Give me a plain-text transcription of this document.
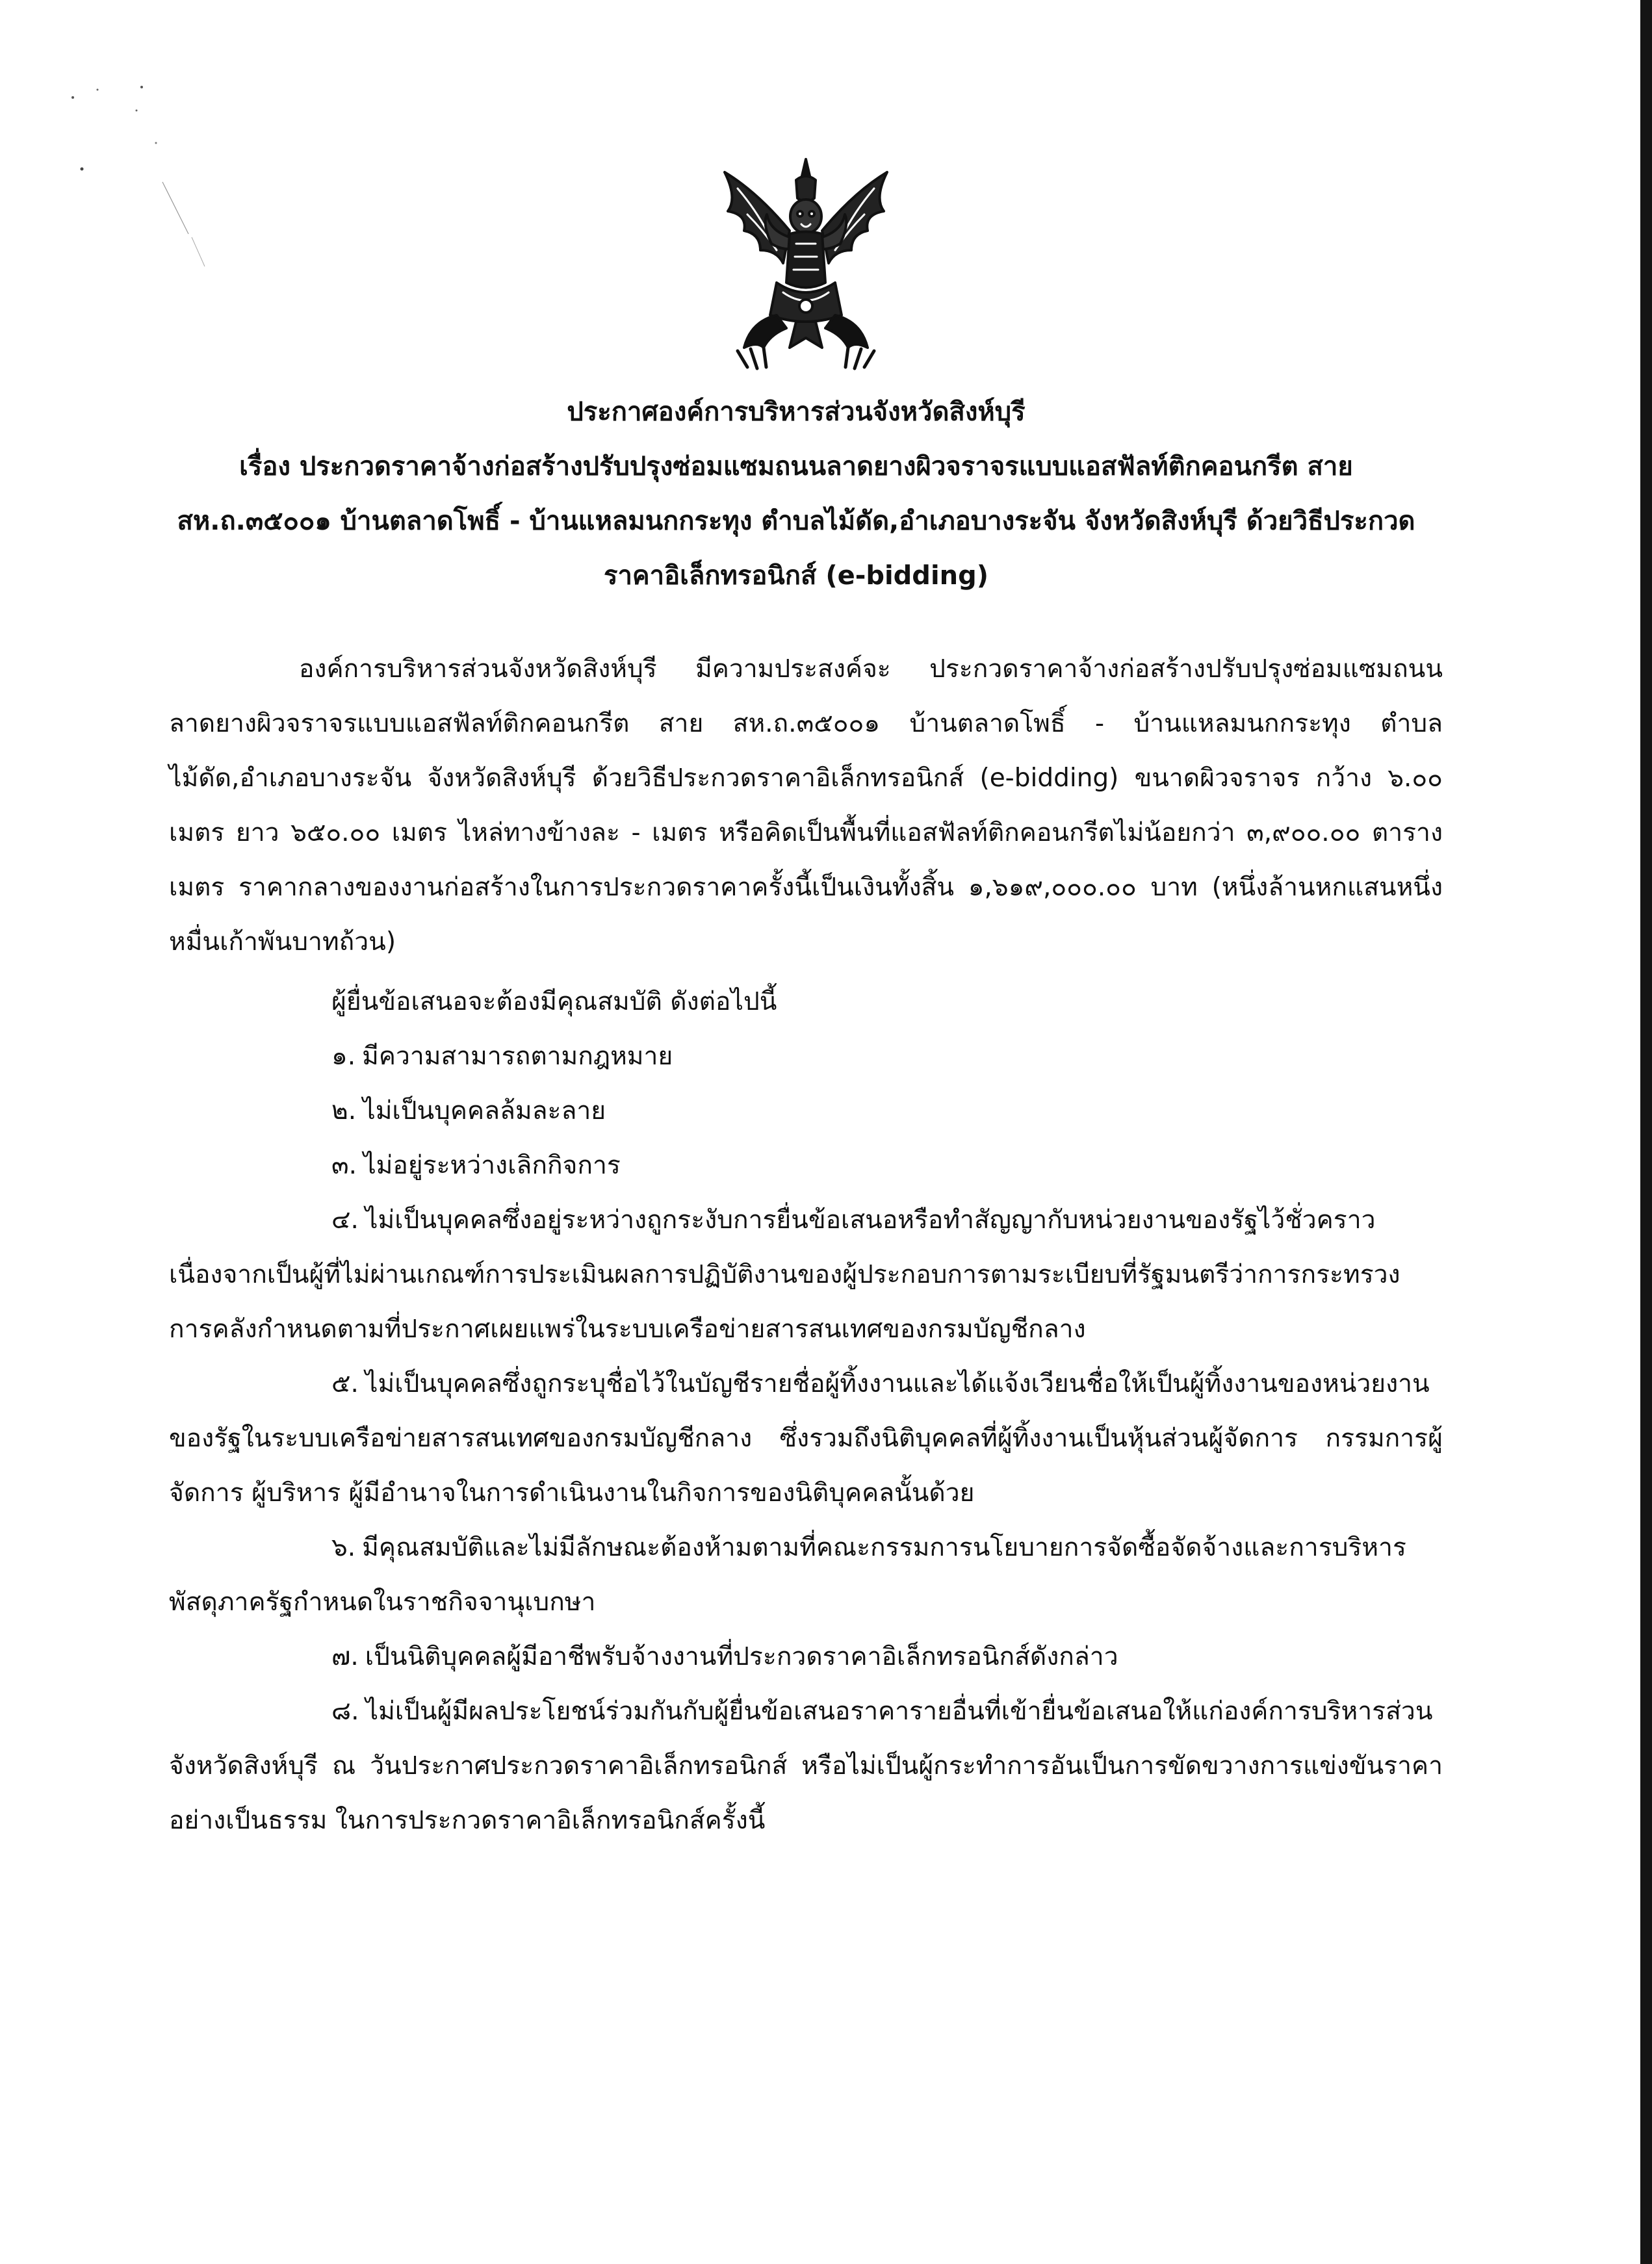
ประกาศองค์การบริหารส่วนจังหวัดสิงห์บุรี
เรื่อง ประกวดราคาจ้างก่อสร้างปรับปรุงซ่อมแซมถนนลาดยางผิวจราจรแบบแอสฟัลท์ติกคอนกรีต สาย สห.ถ.๓๕๐๐๑ บ้านตลาดโพธิ์ - บ้านแหลมนกกระทุง ตำบลไม้ดัด,อำเภอบางระจัน จังหวัดสิงห์บุรี ด้วยวิธีประกวดราคาอิเล็กทรอนิกส์ (e-bidding)
องค์การบริหารส่วนจังหวัดสิงห์บุรี มีความประสงค์จะ ประกวดราคาจ้างก่อสร้างปรับปรุงซ่อมแซมถนนลาดยางผิวจราจรแบบแอสฟัลท์ติกคอนกรีต สาย สห.ถ.๓๕๐๐๑ บ้านตลาดโพธิ์ - บ้านแหลมนกกระทุง ตำบลไม้ดัด,อำเภอบางระจัน จังหวัดสิงห์บุรี ด้วยวิธีประกวดราคาอิเล็กทรอนิกส์ (e-bidding) ขนาดผิวจราจร กว้าง ๖.๐๐ เมตร ยาว ๖๕๐.๐๐ เมตร ไหล่ทางข้างละ - เมตร หรือคิดเป็นพื้นที่แอสฟัลท์ติกคอนกรีตไม่น้อยกว่า ๓,๙๐๐.๐๐ ตารางเมตร ราคากลางของงานก่อสร้างในการประกวดราคาครั้งนี้เป็นเงินทั้งสิ้น ๑,๖๑๙,๐๐๐.๐๐ บาท (หนึ่งล้านหกแสนหนึ่งหมื่นเก้าพันบาทถ้วน)
ผู้ยื่นข้อเสนอจะต้องมีคุณสมบัติ ดังต่อไปนี้

๑. มีความสามารถตามกฎหมาย

๒. ไม่เป็นบุคคลล้มละลาย

๓. ไม่อยู่ระหว่างเลิกกิจการ

๔. ไม่เป็นบุคคลซึ่งอยู่ระหว่างถูกระงับการยื่นข้อเสนอหรือทำสัญญากับหน่วยงานของรัฐไว้ชั่วคราว เนื่องจากเป็นผู้ที่ไม่ผ่านเกณฑ์การประเมินผลการปฏิบัติงานของผู้ประกอบการตามระเบียบที่รัฐมนตรีว่าการกระทรวงการคลังกำหนดตามที่ประกาศเผยแพร่ในระบบเครือข่ายสารสนเทศของกรมบัญชีกลาง

๕. ไม่เป็นบุคคลซึ่งถูกระบุชื่อไว้ในบัญชีรายชื่อผู้ทิ้งงานและได้แจ้งเวียนชื่อให้เป็นผู้ทิ้งงานของหน่วยงานของรัฐในระบบเครือข่ายสารสนเทศของกรมบัญชีกลาง ซึ่งรวมถึงนิติบุคคลที่ผู้ทิ้งงานเป็นหุ้นส่วนผู้จัดการ กรรมการผู้จัดการ ผู้บริหาร ผู้มีอำนาจในการดำเนินงานในกิจการของนิติบุคคลนั้นด้วย

๖. มีคุณสมบัติและไม่มีลักษณะต้องห้ามตามที่คณะกรรมการนโยบายการจัดซื้อจัดจ้างและการบริหารพัสดุภาครัฐกำหนดในราชกิจจานุเบกษา

๗. เป็นนิติบุคคลผู้มีอาชีพรับจ้างงานที่ประกวดราคาอิเล็กทรอนิกส์ดังกล่าว

๘. ไม่เป็นผู้มีผลประโยชน์ร่วมกันกับผู้ยื่นข้อเสนอราคารายอื่นที่เข้ายื่นข้อเสนอให้แก่องค์การบริหารส่วนจังหวัดสิงห์บุรี ณ วันประกาศประกวดราคาอิเล็กทรอนิกส์ หรือไม่เป็นผู้กระทำการอันเป็นการขัดขวางการแข่งขันราคาอย่างเป็นธรรม ในการประกวดราคาอิเล็กทรอนิกส์ครั้งนี้
